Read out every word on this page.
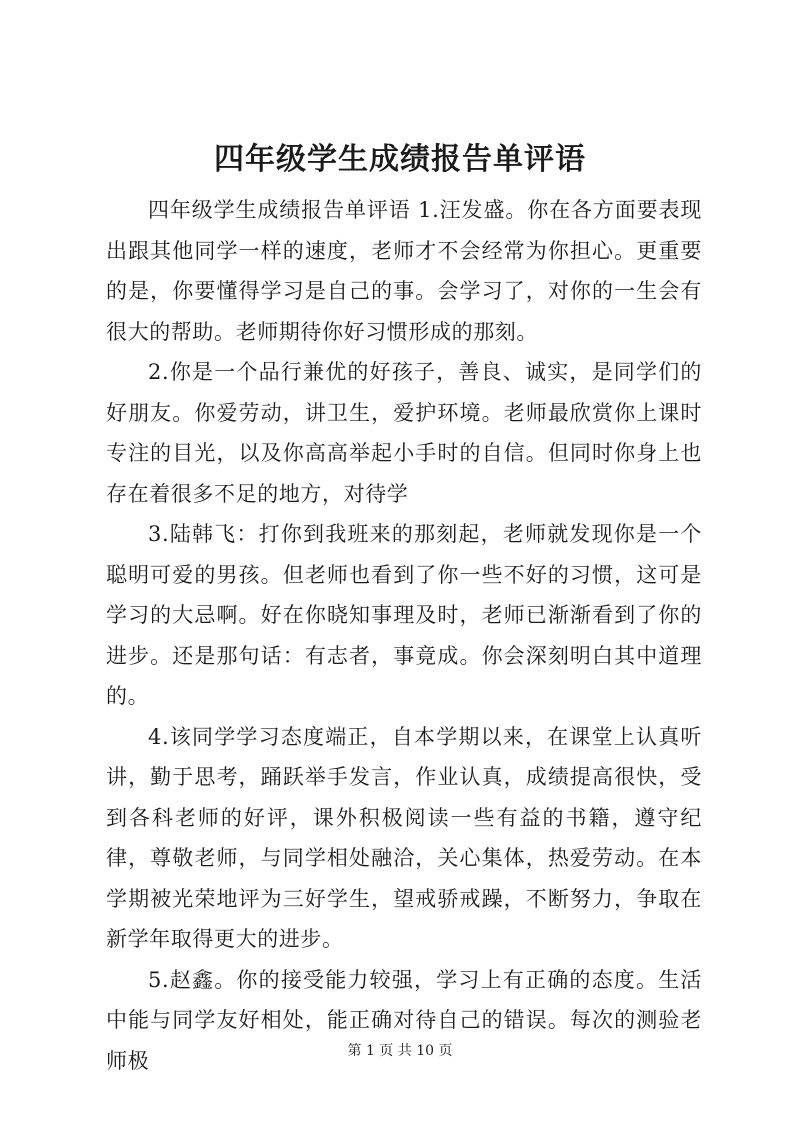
四年级学生成绩报告单评语

四年级学生成绩报告单评语 1.汪发盛。你在各方面要表现出跟其他同学一样的速度，老师才不会经常为你担心。更重要的是，你要懂得学习是自己的事。会学习了，对你的一生会有很大的帮助。老师期待你好习惯形成的那刻。

2.你是一个品行兼优的好孩子，善良、诚实，是同学们的好朋友。你爱劳动，讲卫生，爱护环境。老师最欣赏你上课时专注的目光，以及你高高举起小手时的自信。但同时你身上也存在着很多不足的地方，对待学

3.陆韩飞：打你到我班来的那刻起，老师就发现你是一个聪明可爱的男孩。但老师也看到了你一些不好的习惯，这可是学习的大忌啊。好在你晓知事理及时，老师已渐渐看到了你的进步。还是那句话：有志者，事竟成。你会深刻明白其中道理的。

4.该同学学习态度端正，自本学期以来，在课堂上认真听讲，勤于思考，踊跃举手发言，作业认真，成绩提高很快，受到各科老师的好评，课外积极阅读一些有益的书籍，遵守纪律，尊敬老师，与同学相处融洽，关心集体，热爱劳动。在本学期被光荣地评为三好学生，望戒骄戒躁，不断努力，争取在新学年取得更大的进步。

5.赵鑫。你的接受能力较强，学习上有正确的态度。生活中能与同学友好相处，能正确对待自己的错误。每次的测验老师极	第 1 页 共 10 页
